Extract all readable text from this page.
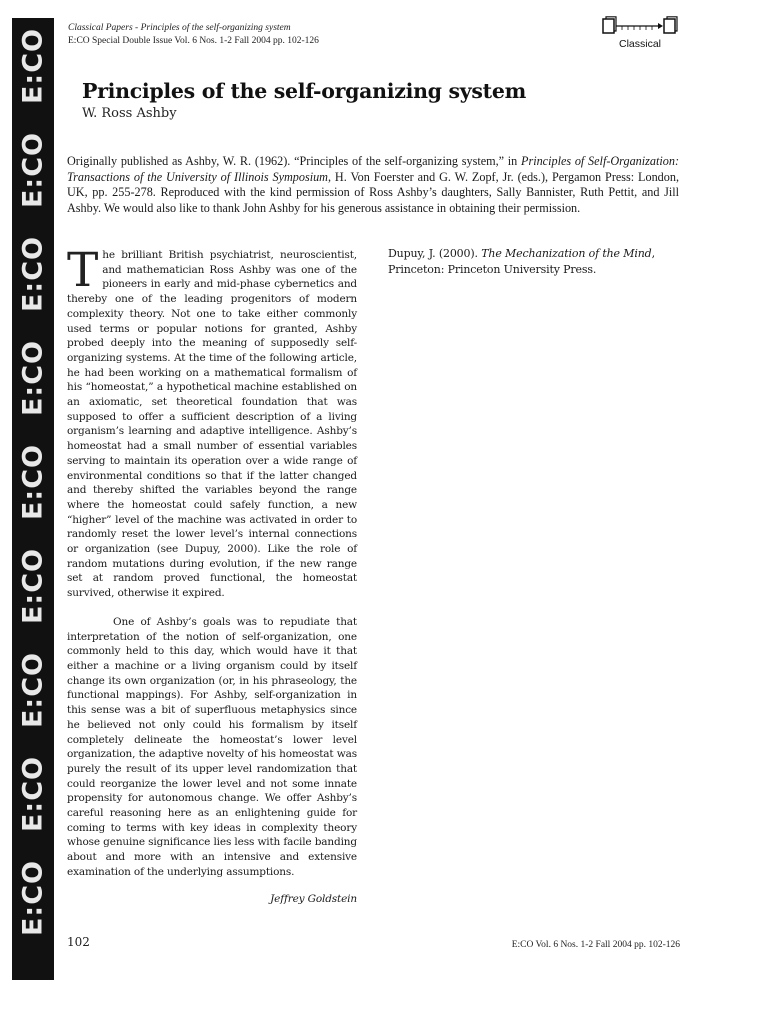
E:CO
E:CO
E:CO
E:CO
E:CO
E:CO
E:CO
E:CO
E:CO
Classical Papers - Principles of the self-organizing system
E:CO Special Double Issue Vol. 6 Nos. 1-2 Fall 2004 pp. 102-126	Classical
Principles of the self-organizing system
W. Ross Ashby
Originally published as Ashby, W. R. (1962). “Principles of the self-organizing system,” in Principles of Self-Organization: Transactions of the University of Illinois Symposium, H. Von Foerster and G. W. Zopf, Jr. (eds.), Pergamon Press: London, UK, pp. 255-278. Reproduced with the kind permission of Ross Ashby’s daughters, Sally Bannister, Ruth Pettit, and Jill Ashby. We would also like to thank John Ashby for his generous assistance in obtaining their permission.

The brilliant British psychiatrist, neuroscientist, and mathematician Ross Ashby was one of the pioneers in early and mid-phase cybernetics and thereby one of the leading progenitors of modern complexity theory. Not one to take either commonly used terms or popular notions for granted, Ashby probed deeply into the meaning of supposedly self-organizing systems. At the time of the following article, he had been working on a mathematical formalism of his “homeostat,” a hypothetical machine established on an axiomatic, set theoretical foundation that was supposed to offer a sufficient description of a living organism’s learning and adaptive intelligence. Ashby’s homeostat had a small number of essential variables serving to maintain its operation over a wide range of environmental conditions so that if the latter changed and thereby shifted the variables beyond the range where the homeostat could safely function, a new “higher” level of the machine was activated in order to randomly reset the lower level’s internal connections or organization (see Dupuy, 2000). Like the role of random mutations during evolution, if the new range set at random proved functional, the homeostat survived, otherwise it expired.

One of Ashby’s goals was to repudiate that interpretation of the notion of self-organization, one commonly held to this day, which would have it that either a machine or a living organism could by itself change its own organization (or, in his phraseology, the functional mappings). For Ashby, self-organization in this sense was a bit of superfluous metaphysics since he believed not only could his formalism by itself completely delineate the homeostat’s lower level organization, the adaptive novelty of his homeostat was purely the result of its upper level randomization that could reorganize the lower level and not some innate propensity for autonomous change. We offer Ashby’s careful reasoning here as an enlightening guide for coming to terms with key ideas in complexity theory whose genuine significance lies less with facile banding about and more with an intensive and extensive examination of the underlying assumptions.

Jeffrey Goldstein

Dupuy, J. (2000). The Mechanization of the Mind, Princeton: Princeton University Press.
102	E:CO Vol. 6 Nos. 1-2 Fall 2004 pp. 102-126
